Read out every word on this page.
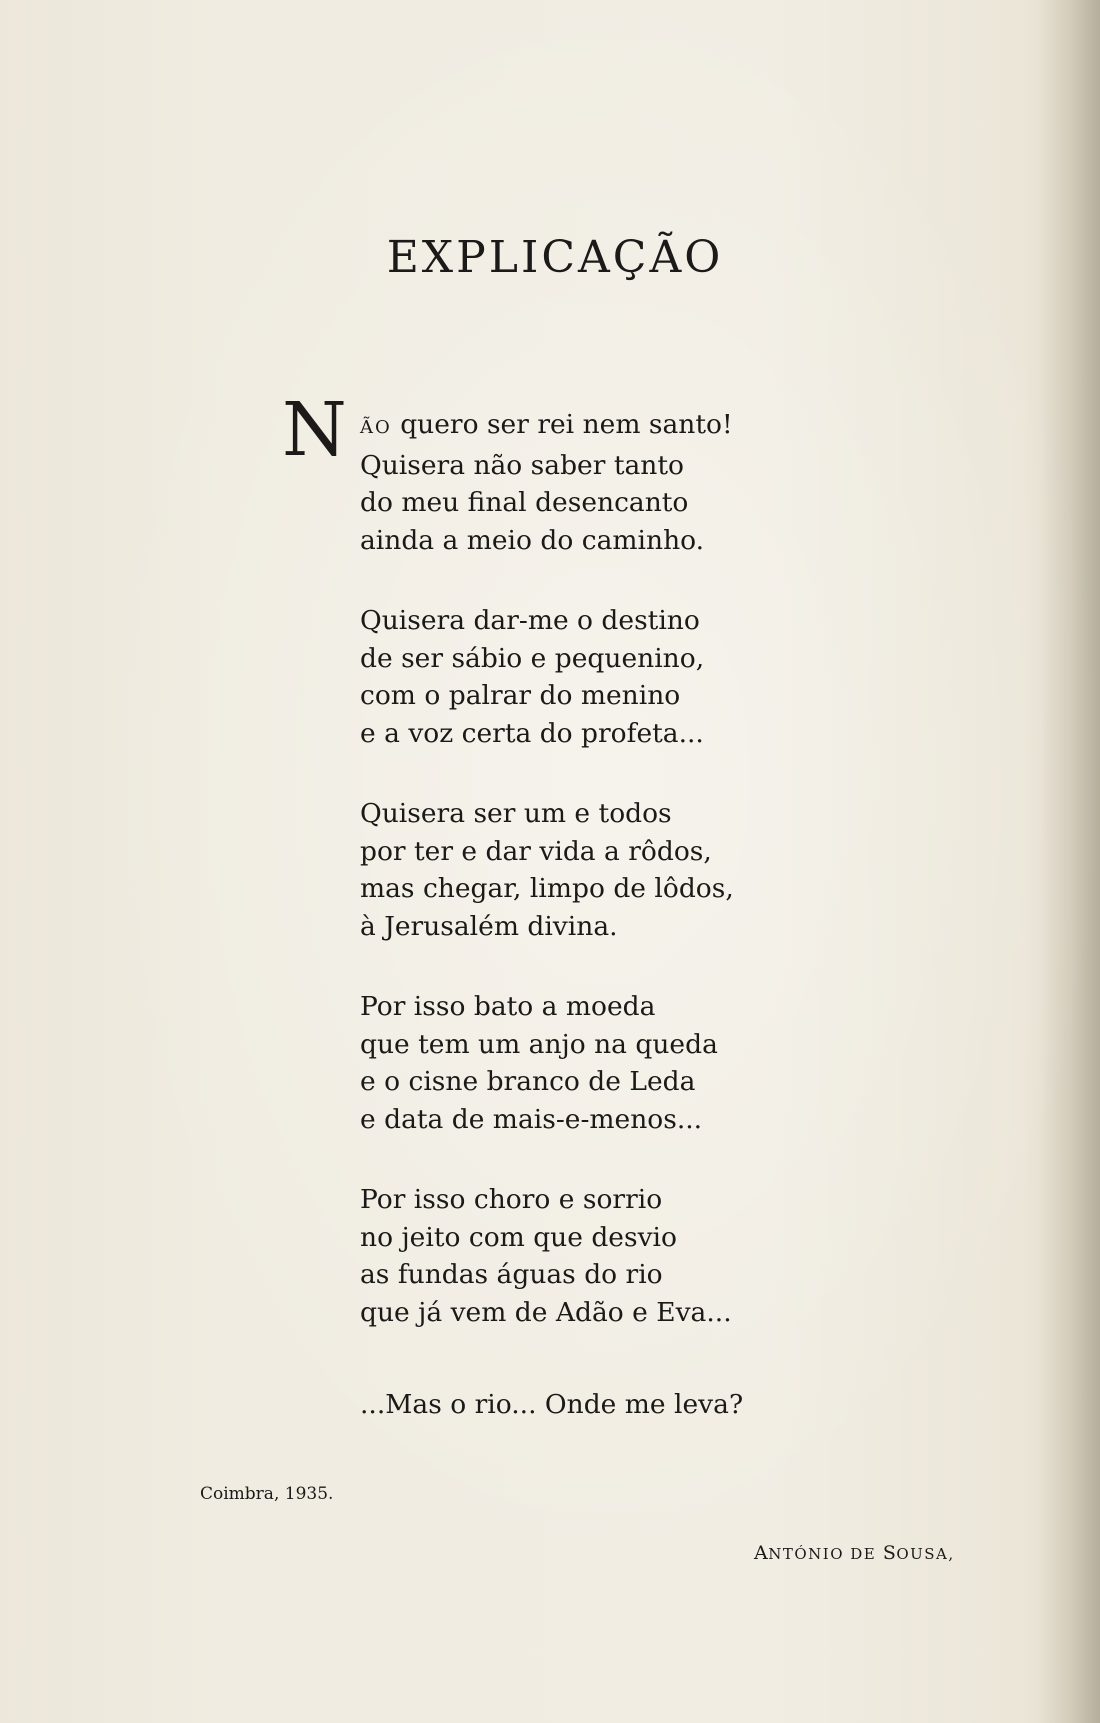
EXPLICAÇÃO
N ÃO quero ser rei nem santo!
Quisera não saber tanto
do meu final desencanto
ainda a meio do caminho.
Quisera dar-me o destino
de ser sábio e pequenino,
com o palrar do menino
e a voz certa do profeta...
Quisera ser um e todos
por ter e dar vida a rôdos,
mas chegar, limpo de lôdos,
à Jerusalém divina.
Por isso bato a moeda
que tem um anjo na queda
e o cisne branco de Leda
e data de mais-e-menos...
Por isso choro e sorrio
no jeito com que desvio
as fundas águas do rio
que já vem de Adão e Eva...
...Mas o rio... Onde me leva?
Coimbra, 1935.
ANTÓNIO DE SOUSA,
